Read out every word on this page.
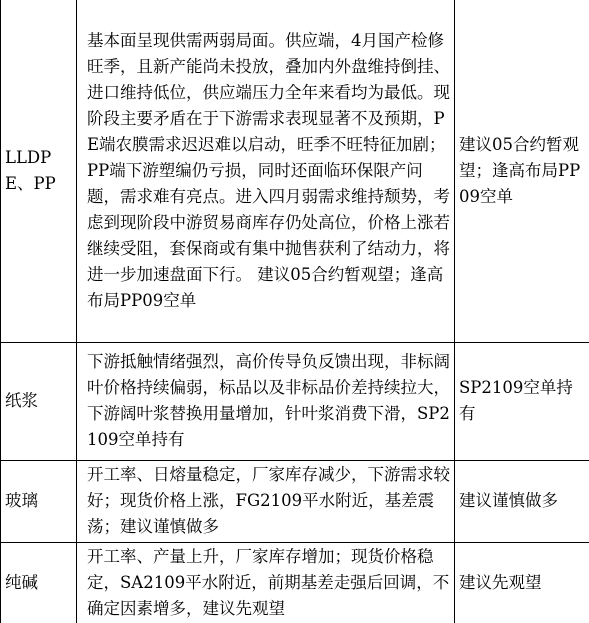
LLDPE、PP	基本面呈现供需两弱局面。供应端，4月国产检修旺季，且新产能尚未投放，叠加内外盘维持倒挂、进口维持低位，供应端压力全年来看均为最低。现阶段主要矛盾在于下游需求表现显著不及预期，PE端农膜需求迟迟难以启动，旺季不旺特征加剧；PP端下游塑编仍亏损，同时还面临环保限产问题，需求难有亮点。进入四月弱需求维持颓势，考虑到现阶段中游贸易商库存仍处高位，价格上涨若继续受阻，套保商或有集中抛售获利了结动力，将进一步加速盘面下行。 建议05合约暂观望；逢高布局PP09空单	建议05合约暂观望；逢高布局PP09空单
纸浆	下游抵触情绪强烈，高价传导负反馈出现，非标阔叶价格持续偏弱，标品以及非标品价差持续拉大，下游阔叶浆替换用量增加，针叶浆消费下滑，SP2109空单持有	SP2109空单持有
玻璃	开工率、日熔量稳定，厂家库存减少，下游需求较好；现货价格上涨，FG2109平水附近，基差震荡；建议谨慎做多	建议谨慎做多
纯碱	开工率、产量上升，厂家库存增加；现货价格稳定，SA2109平水附近，前期基差走强后回调，不确定因素增多，建议先观望	建议先观望
